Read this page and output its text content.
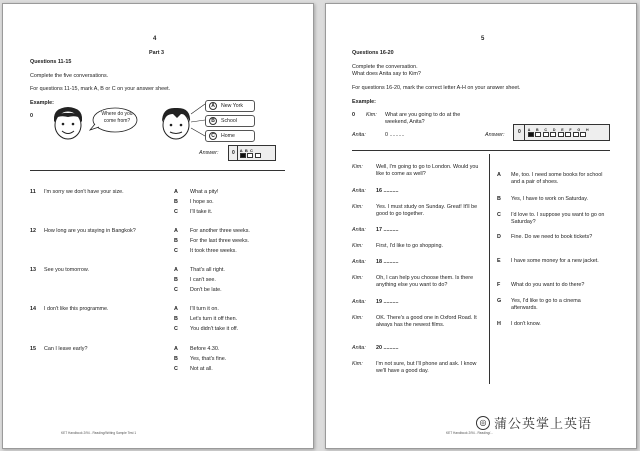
4
Part 3
Questions 11-15
Complete the five conversations.
For questions 11-15, mark A, B or C on your answer sheet.
Example:
0	Where do you come from?
A New York
B School
C Home
Answer:	0 A B C
11 I'm sorry we don't have your size.	A What a pity!
B I hope so.
C I'll take it.
12 How long are you staying in Bangkok?	A For another three weeks.
B For the last three weeks.
C It took three weeks.
13 See you tomorrow.	A That's all right.
B I can't see.
C Don't be late.
14 I don't like this programme.	A I'll turn it on.
B Let's turn it off then.
C You didn't take it off.
15 Can I leave early?	A Before 4.30.
B Yes, that's fine.
C Not at all.
KET Handbook 2/94 - Reading/Writing Sample Test 1
5
Questions 16-20
Complete the conversation.
What does Anita say to Kim?
For questions 16-20, mark the correct letter A-H on your answer sheet.
Example:
0 Kim: What are you going to do at the weekend, Anita?
Anita:	0 ..........	Answer:	0 A B C D E F G H
Kim: Well, I'm going to go to London. Would you like to come as well?
Anita: 16 ..........
Kim: Yes. I must study on Sunday. Great! It'll be good to go together.
Anita: 17 ..........
Kim: First, I'd like to go shopping.
Anita: 18 ..........
Kim: Oh, I can help you choose them. Is there anything else you want to do?
Anita: 19 ..........
Kim: OK. There's a good one in Oxford Road. It always has the newest films.
Anita: 20 ..........
Kim: I'm not sure, but I'll phone and ask. I know we'll have a good day.
A Me, too. I need some books for school and a pair of shoes.
B Yes, I have to work on Saturday.
C I'd love to. I suppose you want to go on Saturday?
D Fine. Do we need to book tickets?
E I have some money for a new jacket.
F What do you want to do there?
G Yes, I'd like to go to a cinema afterwards.
H I don't know.
KET Handbook 2/94 - Reading/...
◎ 蒲公英掌上英语
